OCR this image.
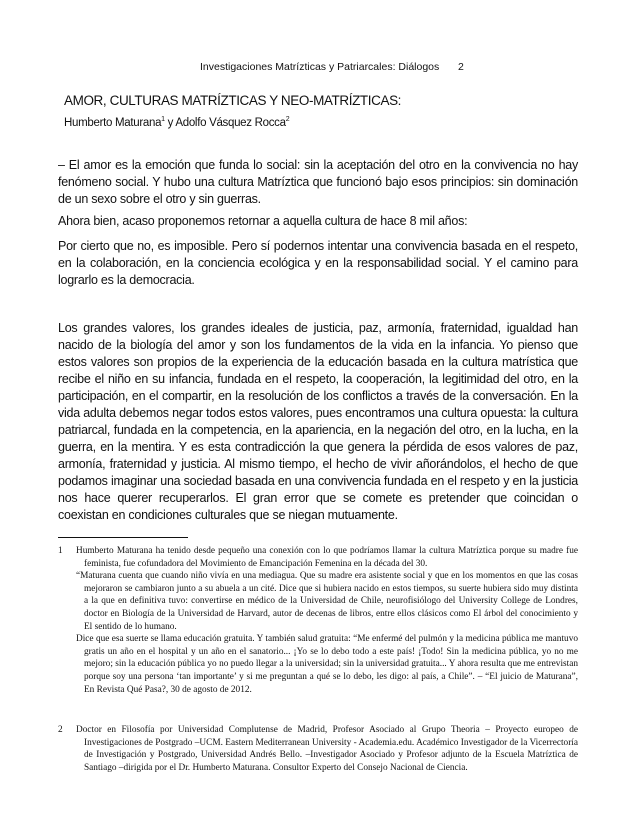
Investigaciones Matrízticas y Patriarcales: Diálogos 2
AMOR, CULTURAS MATRÍZTICAS Y NEO-MATRÍZTICAS:
Humberto Maturana$^1$ y Adolfo Vásquez Rocca$^2$
– El amor es la emoción que funda lo social: sin la aceptación del otro en la convivencia no hay fenómeno social. Y hubo una cultura Matríztica que funcionó bajo esos principios: sin dominación de un sexo sobre el otro y sin guerras.
Ahora bien, acaso proponemos retornar a aquella cultura de hace 8 mil años:
Por cierto que no, es imposible. Pero sí podernos intentar una convivencia basada en el respeto, en la colaboración, en la conciencia ecológica y en la responsabilidad social. Y el camino para lograrlo es la democracia.
Los grandes valores, los grandes ideales de justicia, paz, armonía, fraternidad, igualdad han nacido de la biología del amor y son los fundamentos de la vida en la infancia. Yo pienso que estos valores son propios de la experiencia de la educación basada en la cultura matrística que recibe el niño en su infancia, fundada en el respeto, la cooperación, la legitimidad del otro, en la participación, en el compartir, en la resolución de los conflictos a través de la conversación. En la vida adulta debemos negar todos estos valores, pues encontramos una cultura opuesta: la cultura patriarcal, fundada en la competencia, en la apariencia, en la negación del otro, en la lucha, en la guerra, en la mentira. Y es esta contradicción la que genera la pérdida de esos valores de paz, armonía, fraternidad y justicia. Al mismo tiempo, el hecho de vivir añorándolos, el hecho de que podamos imaginar una sociedad basada en una convivencia fundada en el respeto y en la justicia nos hace querer recuperarlos. El gran error que se comete es pretender que coincidan o coexistan en condiciones culturales que se niegan mutuamente.
1 Humberto Maturana ha tenido desde pequeño una conexión con lo que podríamos llamar la cultura Matríztica porque su madre fue feminista, fue cofundadora del Movimiento de Emancipación Femenina en la década del 30.

“Maturana cuenta que cuando niño vivía en una mediagua. Que su madre era asistente social y que en los momentos en que las cosas mejoraron se cambiaron junto a su abuela a un cité. Dice que si hubiera nacido en estos tiempos, su suerte hubiera sido muy distinta a la que en definitiva tuvo: convertirse en médico de la Universidad de Chile, neurofisiólogo del University College de Londres, doctor en Biología de la Universidad de Harvard, autor de decenas de libros, entre ellos clásicos como El árbol del conocimiento y El sentido de lo humano.

Dice que esa suerte se llama educación gratuita. Y también salud gratuita: “Me enfermé del pulmón y la medicina pública me mantuvo gratis un año en el hospital y un año en el sanatorio... ¡Yo se lo debo todo a este país! ¡Todo! Sin la medicina pública, yo no me mejoro; sin la educación pública yo no puedo llegar a la universidad; sin la universidad gratuita... Y ahora resulta que me entrevistan porque soy una persona ‘tan importante’ y si me preguntan a qué se lo debo, les digo: al país, a Chile”. – “El juicio de Maturana”, En Revista Qué Pasa?, 30 de agosto de 2012.

2 Doctor en Filosofía por Universidad Complutense de Madrid, Profesor Asociado al Grupo Theoria – Proyecto europeo de Investigaciones de Postgrado –UCM. Eastern Mediterranean University - Academia.edu. Académico Investigador de la Vicerrectoría de Investigación y Postgrado, Universidad Andrés Bello. –Investigador Asociado y Profesor adjunto de la Escuela Matríztica de Santiago –dirigida por el Dr. Humberto Maturana. Consultor Experto del Consejo Nacional de Ciencia.
